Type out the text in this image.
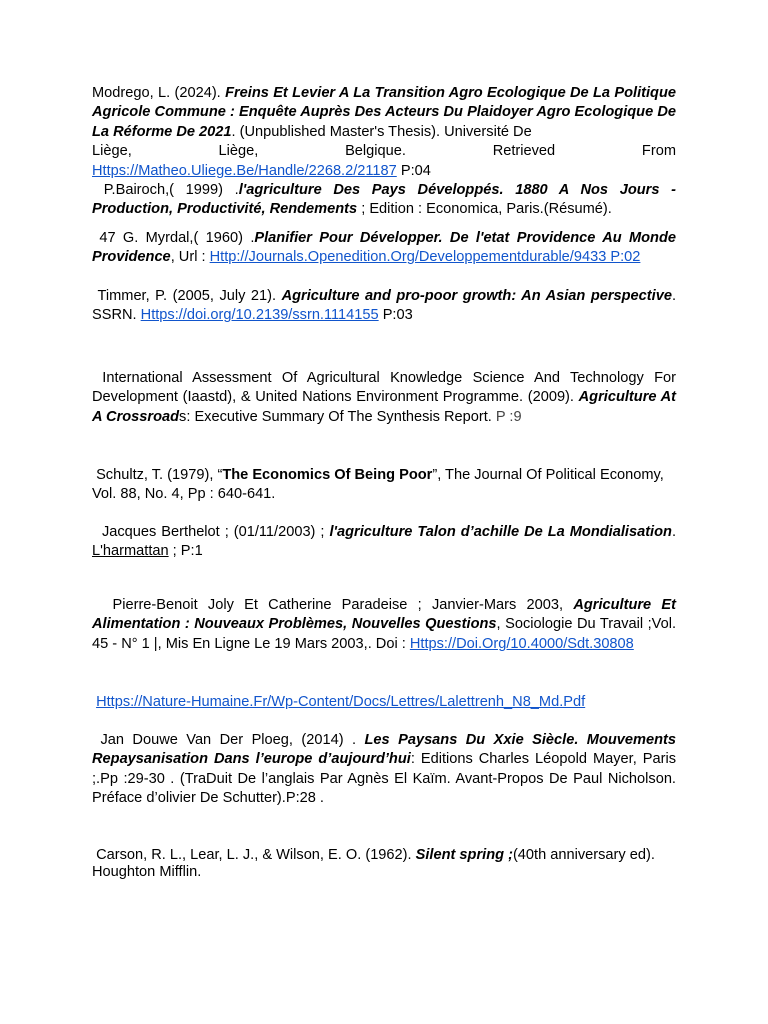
Modrego, L. (2024). Freins Et Levier A La Transition Agro Ecologique De La Politique Agricole Commune : Enquête Auprès Des Acteurs Du Plaidoyer Agro Ecologique De La Réforme De 2021. (Unpublished Master's Thesis). Université De
Liège,	Liège,	Belgique.	Retrieved	From
Https://Matheo.Uliege.Be/Handle/2268.2/21187 P:04

P.Bairoch,( 1999) .l'agriculture Des Pays Développés. 1880 A Nos Jours - Production, Productivité, Rendements ; Edition : Economica, Paris.(Résumé).

47 G. Myrdal,( 1960) .Planifier Pour Développer. De l'etat Providence Au Monde Providence, Url : Http://Journals.Openedition.Org/Developpementdurable/9433 P:02

Timmer, P. (2005, July 21). Agriculture and pro-poor growth: An Asian perspective. SSRN. Https://doi.org/10.2139/ssrn.1114155 P:03

International Assessment Of Agricultural Knowledge Science And Technology For Development (Iaastd), & United Nations Environment Programme. (2009). Agriculture At A Crossroads: Executive Summary Of The Synthesis Report. P :9

Schultz, T. (1979), “The Economics Of Being Poor”, The Journal Of Political Economy, Vol. 88, No. 4, Pp : 640-641.

Jacques Berthelot ; (01/11/2003) ; l'agriculture Talon d’achille De La Mondialisation. L'harmattan ; P:1

Pierre-Benoit Joly Et Catherine Paradeise ; Janvier-Mars 2003, Agriculture Et Alimentation : Nouveaux Problèmes, Nouvelles Questions, Sociologie Du Travail ;Vol. 45 - N° 1 |, Mis En Ligne Le 19 Mars 2003,. Doi : Https://Doi.Org/10.4000/Sdt.30808

Https://Nature-Humaine.Fr/Wp-Content/Docs/Lettres/Lalettrenh_N8_Md.Pdf

Jan Douwe Van Der Ploeg, (2014) . Les Paysans Du Xxie Siècle. Mouvements Repaysanisation Dans l’europe d’aujourd’hui: Editions Charles Léopold Mayer, Paris ;.Pp :29-30 . (TraDuit De l’anglais Par Agnès El Kaïm. Avant-Propos De Paul Nicholson. Préface d’olivier De Schutter).P:28 .

Carson, R. L., Lear, L. J., & Wilson, E. O. (1962). Silent spring ;(40th anniversary ed). Houghton Mifflin.
